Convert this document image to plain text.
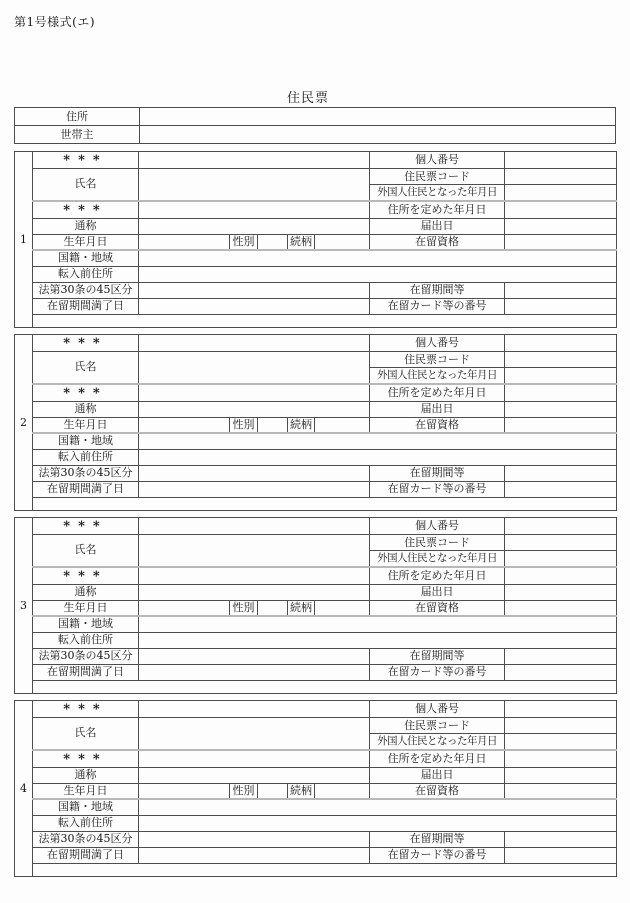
第1号様式(エ)
住民票
住所	
世帯主	
1
***						個人番号	
氏名						住民票コード	
						外国人住民となった年月日	
***						住所を定めた年月日	
通称						届出日	
生年月日		性別		続柄		在留資格	
国籍・地域							
転入前住所							
法第30条の45区分						在留期間等	
在留期間満了日						在留カード等の番号	

2
***						個人番号	
氏名						住民票コード	
						外国人住民となった年月日	
***						住所を定めた年月日	
通称						届出日	
生年月日		性別		続柄		在留資格	
国籍・地域							
転入前住所							
法第30条の45区分						在留期間等	
在留期間満了日						在留カード等の番号	

3
***						個人番号	
氏名						住民票コード	
						外国人住民となった年月日	
***						住所を定めた年月日	
通称						届出日	
生年月日		性別		続柄		在留資格	
国籍・地域							
転入前住所							
法第30条の45区分						在留期間等	
在留期間満了日						在留カード等の番号	

4
***						個人番号	
氏名						住民票コード	
						外国人住民となった年月日	
***						住所を定めた年月日	
通称						届出日	
生年月日		性別		続柄		在留資格	
国籍・地域							
転入前住所							
法第30条の45区分						在留期間等	
在留期間満了日						在留カード等の番号	
